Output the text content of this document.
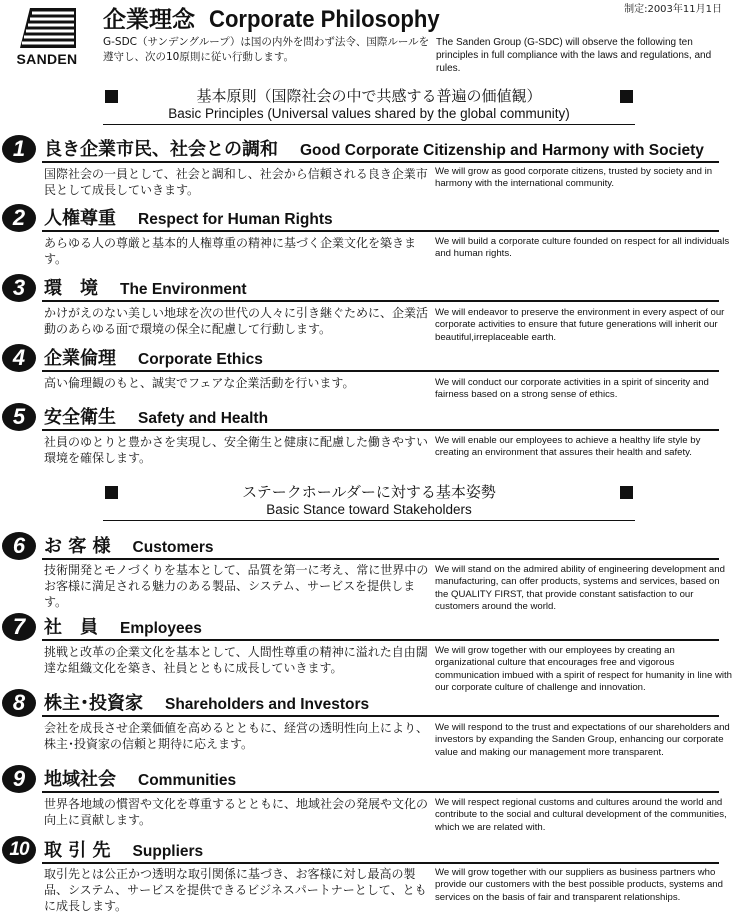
SANDEN
企業理念 Corporate Philosophy	制定:2003年11月1日
G-SDC（サンデングループ）は国の内外を問わず法令、国際ルールを遵守し、次の10原則に従い行動します。
The Sanden Group (G-SDC) will observe the following ten principles in full compliance with the laws and regulations, and rules.
基本原則（国際社会の中で共感する普遍の価値観）
Basic Principles (Universal values shared by the global community)
ステークホールダーに対する基本姿勢
Basic Stance toward Stakeholders
1	良き企業市民、社会との調和 Good Corporate Citizenship and Harmony with Society
国際社会の一員として、社会と調和し、社会から信頼される良き企業市民として成長していきます。
We will grow as good corporate citizens, trusted by society and in harmony with the international community.
2	人権尊重 Respect for Human Rights
あらゆる人の尊厳と基本的人権尊重の精神に基づく企業文化を築きます。
We will build a corporate culture founded on respect for all individuals and human rights.
3	環　境 The Environment
かけがえのない美しい地球を次の世代の人々に引き継ぐために、企業活動のあらゆる面で環境の保全に配慮して行動します。
We will endeavor to preserve the environment in every aspect of our corporate activities to ensure that future generations will inherit our beautiful,irreplaceable earth.
4	企業倫理 Corporate Ethics
高い倫理観のもと、誠実でフェアな企業活動を行います。	We will conduct our corporate activities in a spirit of sincerity and fairness based on a strong sense of ethics.
5	安全衛生 Safety and Health
社員のゆとりと豊かさを実現し、安全衛生と健康に配慮した働きやすい環境を確保します。
We will enable our employees to achieve a healthy life style by creating an environment that assures their health and safety.
6	お 客 様 Customers
技術開発とモノづくりを基本として、品質を第一に考え、常に世界中のお客様に満足される魅力のある製品、システム、サービスを提供します。
We will stand on the admired ability of engineering development and manufacturing, can offer products, systems and services, based on the QUALITY FIRST, that provide constant satisfaction to our customers around the world.
7	社　員 Employees
挑戦と改革の企業文化を基本として、人間性尊重の精神に溢れた自由闊達な組織文化を築き、社員とともに成長していきます。
We will grow together with our employees by creating an organizational culture that encourages free and vigorous communication imbued with a spirit of respect for humanity in line with our corporate culture of challenge and innovation.
8	株主･投資家 Shareholders and Investors
会社を成長させ企業価値を高めるとともに、経営の透明性向上により、株主･投資家の信頼と期待に応えます。
We will respond to the trust and expectations of our shareholders and investors by expanding the Sanden Group, enhancing our corporate value and making our management more transparent.
9	地域社会 Communities
世界各地域の慣習や文化を尊重するとともに、地域社会の発展や文化の向上に貢献します。
We will respect regional customs and cultures around the world and contribute to the social and cultural development of the communities, which we are related with.
10 取 引 先 Suppliers
取引先とは公正かつ透明な取引関係に基づき、お客様に対し最高の製品、システム、サービスを提供できるビジネスパートナーとして、ともに成長します。
We will grow together with our suppliers as business partners who provide our customers with the best possible products, systems and services on the basis of fair and transparent relationships.
